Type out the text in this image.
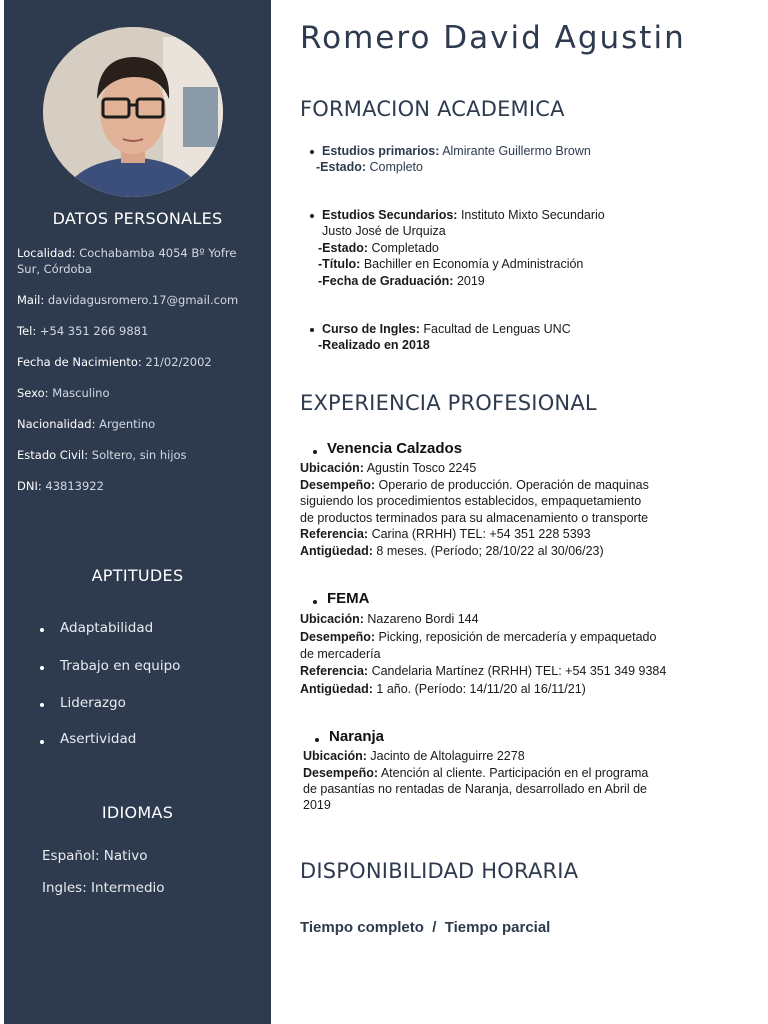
DATOS PERSONALES
Localidad: Cochabamba 4054 Bº Yofre Sur, Córdoba
Mail: davidagusromero.17@gmail.com
Tel: +54 351 266 9881
Fecha de Nacimiento: 21/02/2002
Sexo: Masculino
Nacionalidad: Argentino
Estado Civil: Soltero, sin hijos
DNI: 43813922
APTITUDES
Adaptabilidad
Trabajo en equipo
Liderazgo
Asertividad
IDIOMAS
Español: Nativo
Ingles: Intermedio
Romero David Agustin
FORMACION ACADEMICA
Estudios primarios: Almirante Guillermo Brown
-Estado: Completo
Estudios Secundarios: Instituto Mixto Secundario
Justo José de Urquiza
-Estado: Completado
-Título: Bachiller en Economía y Administración
-Fecha de Graduación: 2019
Curso de Ingles: Facultad de Lenguas UNC
-Realizado en 2018
EXPERIENCIA PROFESIONAL
Venencia Calzados
Ubicación: Agustín Tosco 2245
Desempeño: Operario de producción. Operación de maquinas
siguiendo los procedimientos establecidos, empaquetamiento
de productos terminados para su almacenamiento o transporte
Referencia: Carina (RRHH) TEL: +54 351 228 5393
Antigüedad: 8 meses. (Período; 28/10/22 al 30/06/23)
FEMA
Ubicación: Nazareno Bordi 144
Desempeño: Picking, reposición de mercadería y empaquetado
de mercadería
Referencia: Candelaria Martínez (RRHH) TEL: +54 351 349 9384
Antigüedad: 1 año. (Período: 14/11/20 al 16/11/21)
Naranja
Ubicación: Jacinto de Altolaguirre 2278
Desempeño: Atención al cliente. Participación en el programa
de pasantías no rentadas de Naranja, desarrollado en Abril de
2019
DISPONIBILIDAD HORARIA
Tiempo completo  /  Tiempo parcial
